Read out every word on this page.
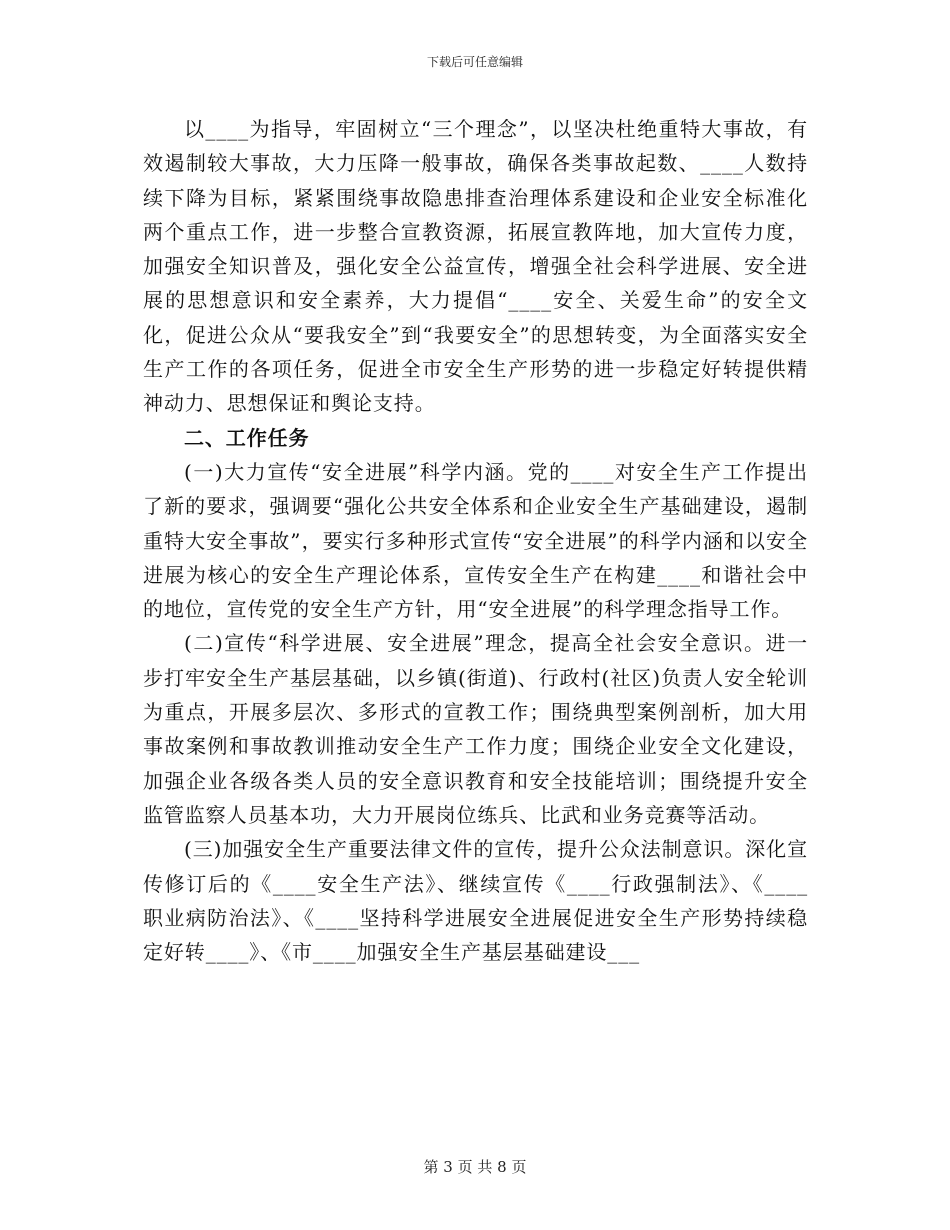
下载后可任意编辑

以____为指导，牢固树立“三个理念”，以坚决杜绝重特大事故，有效遏制较大事故，大力压降一般事故，确保各类事故起数、____人数持续下降为目标，紧紧围绕事故隐患排查治理体系建设和企业安全标准化两个重点工作，进一步整合宣教资源，拓展宣教阵地，加大宣传力度，加强安全知识普及，强化安全公益宣传，增强全社会科学进展、安全进展的思想意识和安全素养，大力提倡“____安全、关爱生命”的安全文化，促进公众从“要我安全”到“我要安全”的思想转变，为全面落实安全生产工作的各项任务，促进全市安全生产形势的进一步稳定好转提供精神动力、思想保证和舆论支持。

二、工作任务

(一)大力宣传“安全进展”科学内涵。党的____对安全生产工作提出了新的要求，强调要“强化公共安全体系和企业安全生产基础建设，遏制重特大安全事故”，要实行多种形式宣传“安全进展”的科学内涵和以安全进展为核心的安全生产理论体系，宣传安全生产在构建____和谐社会中的地位，宣传党的安全生产方针，用“安全进展”的科学理念指导工作。

(二)宣传“科学进展、安全进展”理念，提高全社会安全意识。进一步打牢安全生产基层基础，以乡镇(街道)、行政村(社区)负责人安全轮训为重点，开展多层次、多形式的宣教工作；围绕典型案例剖析，加大用事故案例和事故教训推动安全生产工作力度；围绕企业安全文化建设，加强企业各级各类人员的安全意识教育和安全技能培训；围绕提升安全监管监察人员基本功，大力开展岗位练兵、比武和业务竞赛等活动。

(三)加强安全生产重要法律文件的宣传，提升公众法制意识。深化宣传修订后的《____安全生产法》、继续宣传《____行政强制法》、《____职业病防治法》、《____坚持科学进展安全进展促进安全生产形势持续稳定好转____》、《市____加强安全生产基层基础建设___

第 3 页 共 8 页
